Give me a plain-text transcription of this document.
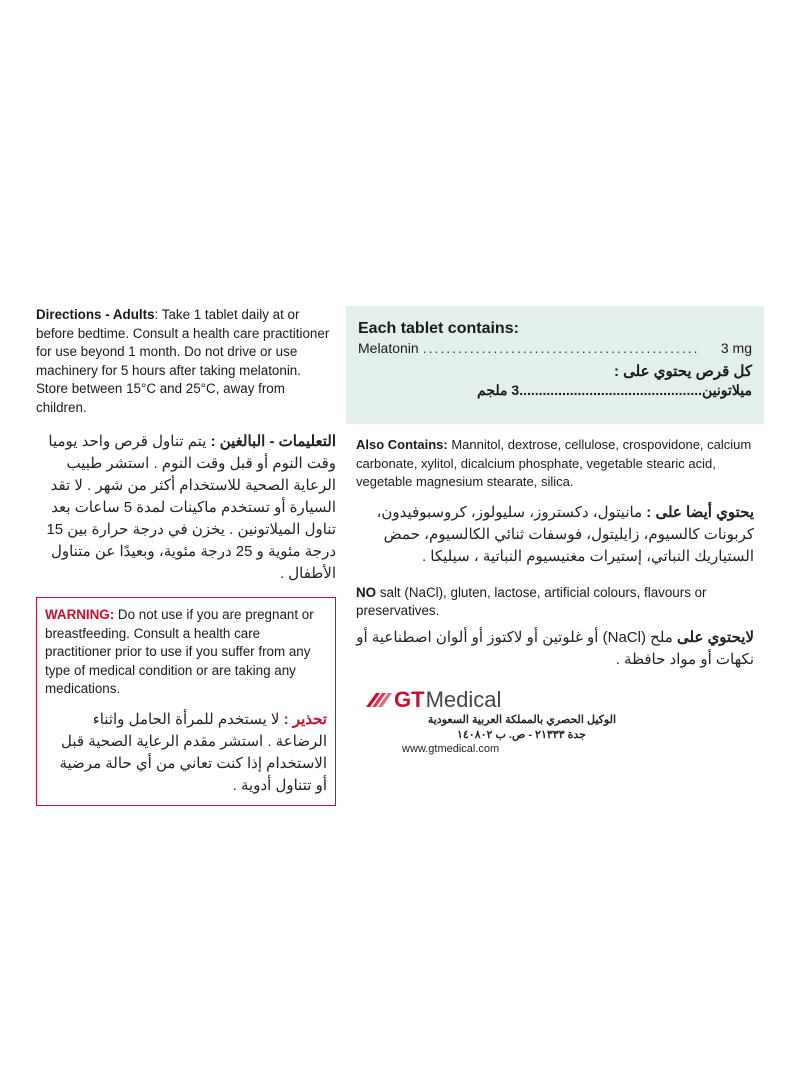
Directions - Adults: Take 1 tablet daily at or before bedtime. Consult a health care practitioner for use beyond 1 month. Do not drive or use machinery for 5 hours after taking melatonin. Store between 15°C and 25°C, away from children.

التعليمات - البالغين : يتم تناول قرص واحد يوميا وقت النوم أو قبل وقت النوم . استشر طبيب الرعاية الصحية للاستخدام أكثر من شهر . لا تقد السيارة أو تستخدم ماكينات لمدة 5 ساعات بعد تناول الميلاتونين . يخزن في درجة حرارة بين 15 درجة مئوية و 25 درجة مئوية، وبعيدًا عن متناول الأطفال .

WARNING: Do not use if you are pregnant or breastfeeding. Consult a health care practitioner prior to use if you suffer from any type of medical condition or are taking any medications.

تحذير : لا يستخدم للمرأة الحامل واثناء الرضاعة . استشر مقدم الرعاية الصحية قبل الاستخدام إذا كنت تعاني من أي حالة مرضية أو تتناول أدوية .

Each tablet contains:

Melatonin ...............................................	3 mg

كل قرص يحتوي على :

ميلاتونين
...............................................
3 ملجم

Also Contains: Mannitol, dextrose, cellulose, crospovidone, calcium carbonate, xylitol, dicalcium phosphate, vegetable stearic acid, vegetable magnesium stearate, silica.

يحتوي أيضا على : مانيتول، دكستروز، سليولوز، كروسبوفيدون، كربونات كالسيوم، زايليتول، فوسفات ثنائي الكالسيوم، حمض الستياريك النباتي، إستيرات مغنيسيوم النباتية ، سيليكا .

NO salt (NaCl), gluten, lactose, artificial colours, flavours or preservatives.

لايحتوي على ملح (NaCl) أو غلوتين أو لاكتوز أو ألوان اصطناعية أو نكهات أو مواد حافظة .

GT Medical
الوكيل الحصري بالمملكة العربية السعودية
جدة ٢١٣٣٣ - ص. ب ١٤٠٨٠٢
www.gtmedical.com
